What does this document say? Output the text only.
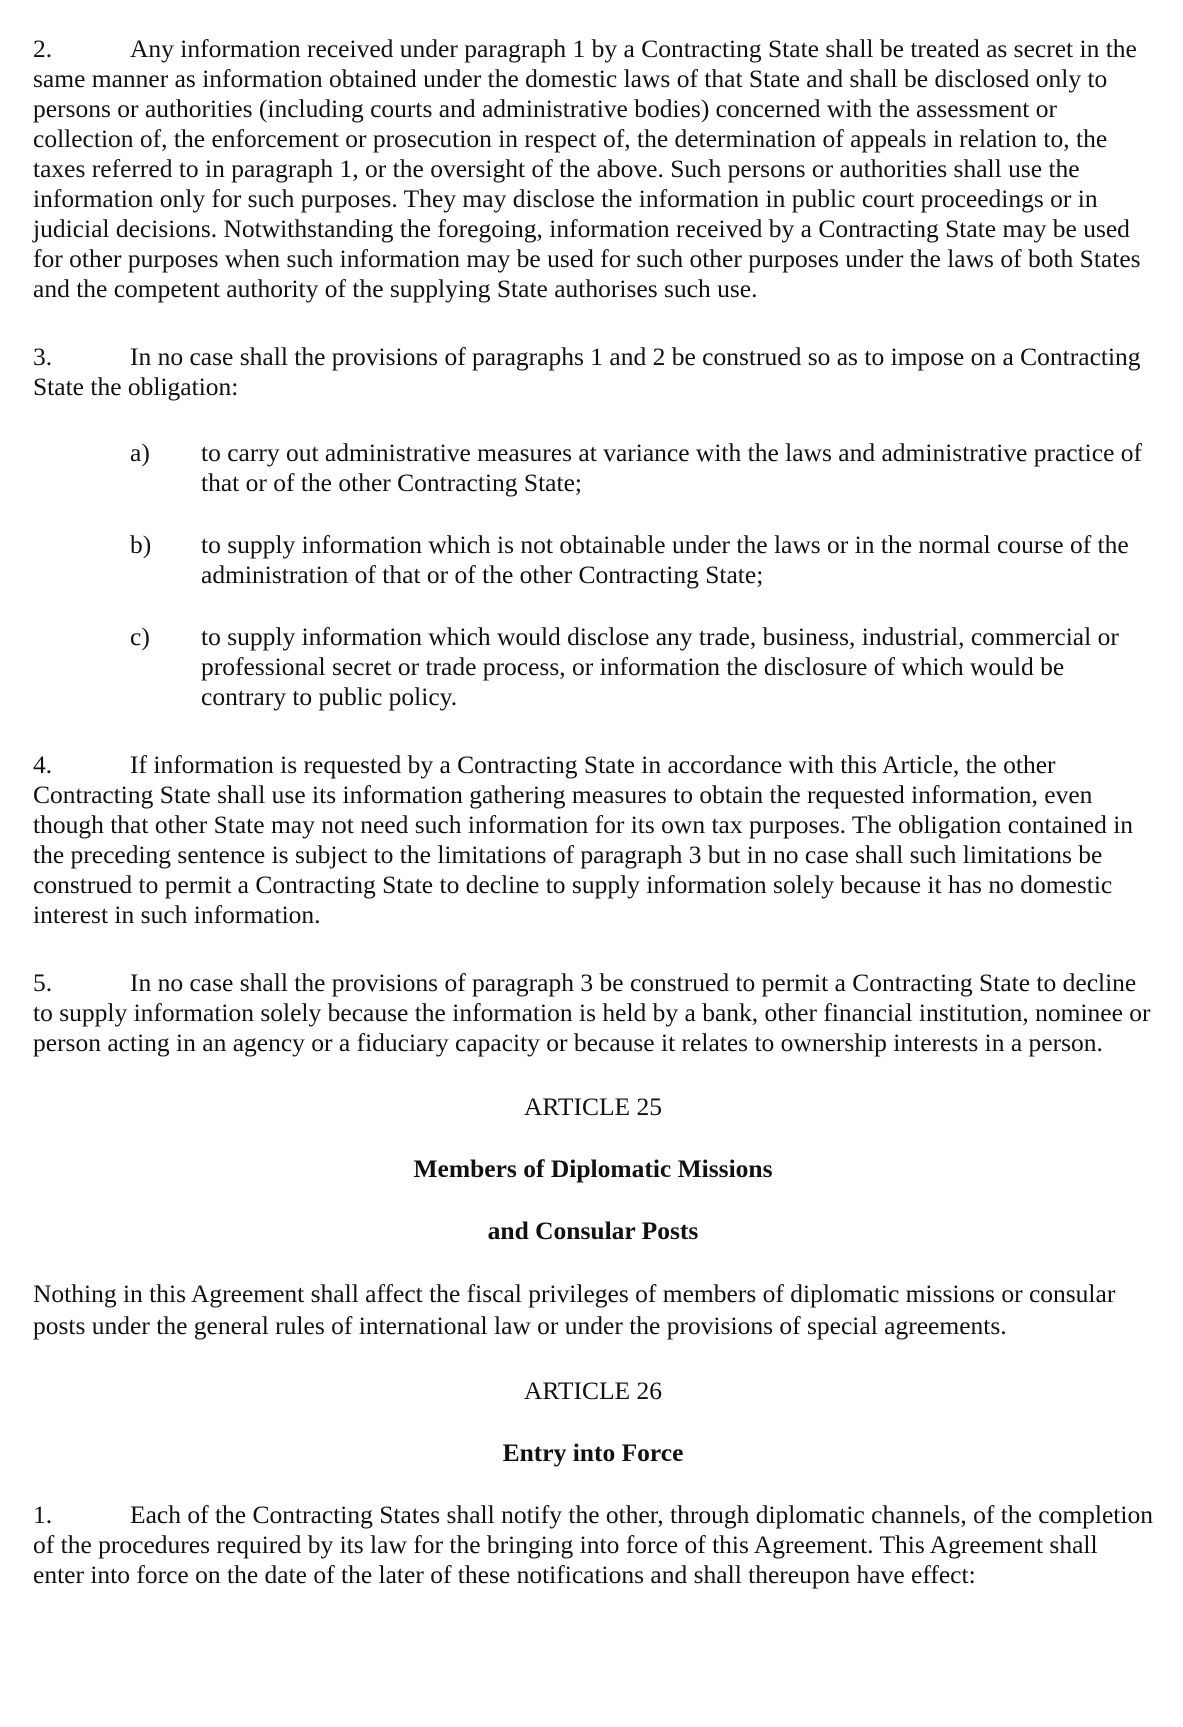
2.	Any information received under paragraph 1 by a Contracting State shall be treated as secret in the same manner as information obtained under the domestic laws of that State and shall be disclosed only to persons or authorities (including courts and administrative bodies) concerned with the assessment or collection of, the enforcement or prosecution in respect of, the determination of appeals in relation to, the taxes referred to in paragraph 1, or the oversight of the above. Such persons or authorities shall use the information only for such purposes. They may disclose the information in public court proceedings or in judicial decisions. Notwithstanding the foregoing, information received by a Contracting State may be used for other purposes when such information may be used for such other purposes under the laws of both States and the competent authority of the supplying State authorises such use.

3.	In no case shall the provisions of paragraphs 1 and 2 be construed so as to impose on a Contracting State the obligation:

a) to carry out administrative measures at variance with the laws and administrative practice of that or of the other Contracting State;

b) to supply information which is not obtainable under the laws or in the normal course of the administration of that or of the other Contracting State;

c) to supply information which would disclose any trade, business, industrial, commercial or professional secret or trade process, or information the disclosure of which would be contrary to public policy.

4.	If information is requested by a Contracting State in accordance with this Article, the other Contracting State shall use its information gathering measures to obtain the requested information, even though that other State may not need such information for its own tax purposes. The obligation contained in the preceding sentence is subject to the limitations of paragraph 3 but in no case shall such limitations be construed to permit a Contracting State to decline to supply information solely because it has no domestic interest in such information.

5.	In no case shall the provisions of paragraph 3 be construed to permit a Contracting State to decline to supply information solely because the information is held by a bank, other financial institution, nominee or person acting in an agency or a fiduciary capacity or because it relates to ownership interests in a person.

ARTICLE 25

Members of Diplomatic Missions

and Consular Posts

Nothing in this Agreement shall affect the fiscal privileges of members of diplomatic missions or consular posts under the general rules of international law or under the provisions of special agreements.

ARTICLE 26

Entry into Force

1.	Each of the Contracting States shall notify the other, through diplomatic channels, of the completion of the procedures required by its law for the bringing into force of this Agreement. This Agreement shall enter into force on the date of the later of these notifications and shall thereupon have effect:
